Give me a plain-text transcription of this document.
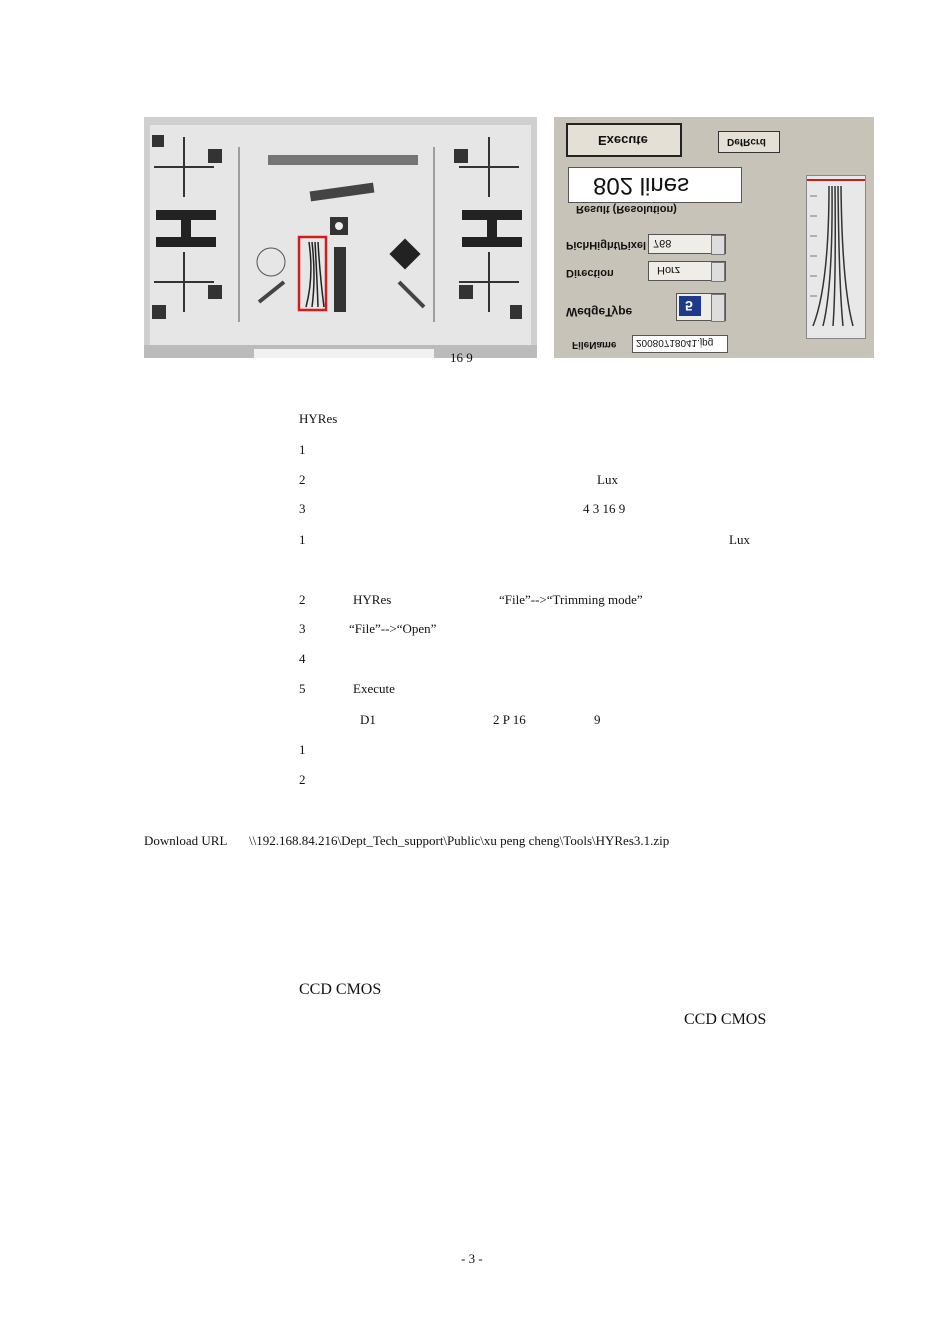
Execute	DefRcrd
802 lines
Result (Resolution)
PichHight/Pixel 768
Direction	Horz
WedgeType	5
FileName 20080718041.jpg
16 9
HYRes
1
2	Lux
3	4 3 16 9
1	Lux
2	HYRes	“File”-->“Trimming mode”
3	“File”-->“Open”
4
5	Execute
D1	2 P 16	9
1
2
Download URL \\192.168.84.216\Dept_Tech_support\Public\xu peng cheng\Tools\HYRes3.1.zip
CCD CMOS
CCD CMOS
- 3 -
